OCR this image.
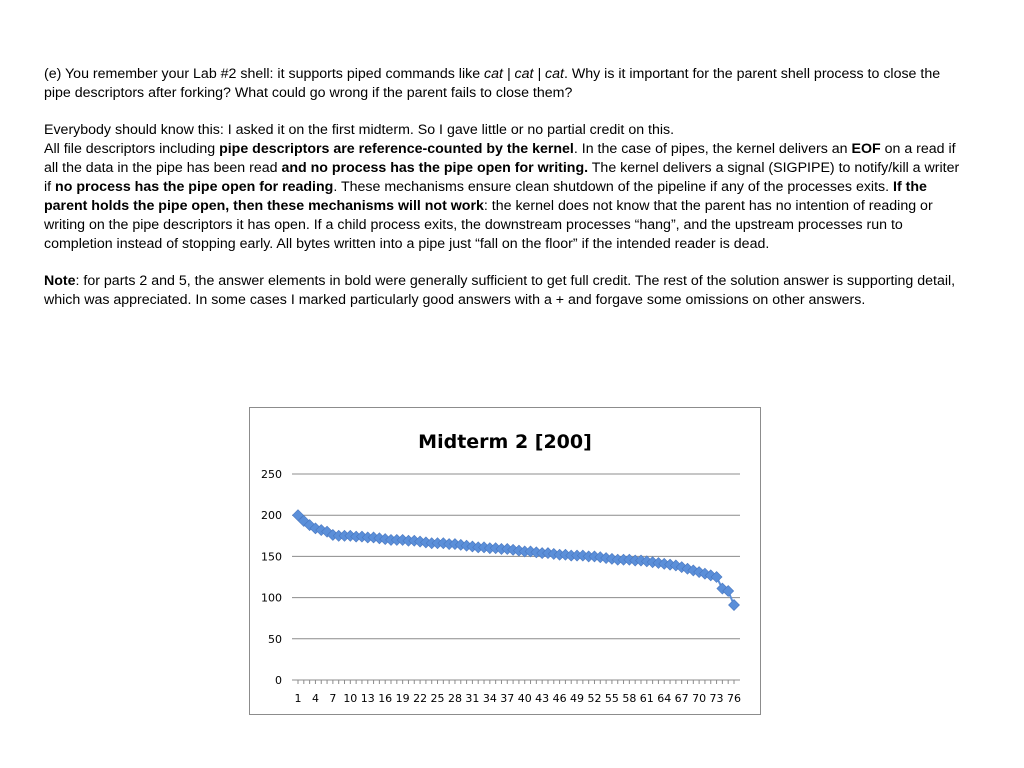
(e) You remember your Lab #2 shell: it supports piped commands like cat | cat | cat. Why is it important for the parent shell process to close the pipe descriptors after forking? What could go wrong if the parent fails to close them?

Everybody should know this: I asked it on the first midterm. So I gave little or no partial credit on this.

All file descriptors including pipe descriptors are reference-counted by the kernel. In the case of pipes, the kernel delivers an EOF on a read if all the data in the pipe has been read and no process has the pipe open for writing. The kernel delivers a signal (SIGPIPE) to notify/kill a writer if no process has the pipe open for reading. These mechanisms ensure clean shutdown of the pipeline if any of the processes exits. If the parent holds the pipe open, then these mechanisms will not work: the kernel does not know that the parent has no intention of reading or writing on the pipe descriptors it has open. If a child process exits, the downstream processes “hang”, and the upstream processes run to completion instead of stopping early. All bytes written into a pipe just “fall on the floor” if the intended reader is dead.

Note: for parts 2 and 5, the answer elements in bold were generally sufficient to get full credit. The rest of the solution answer is supporting detail, which was appreciated. In some cases I marked particularly good answers with a + and forgave some omissions on other answers.

Midterm 2 [200]
0
50
100
150
200
250
1 4 7 10 13 16 19 22 25 28 31 34 37 40 43 46 49 52 55 58 61 64 67 70 73 76
